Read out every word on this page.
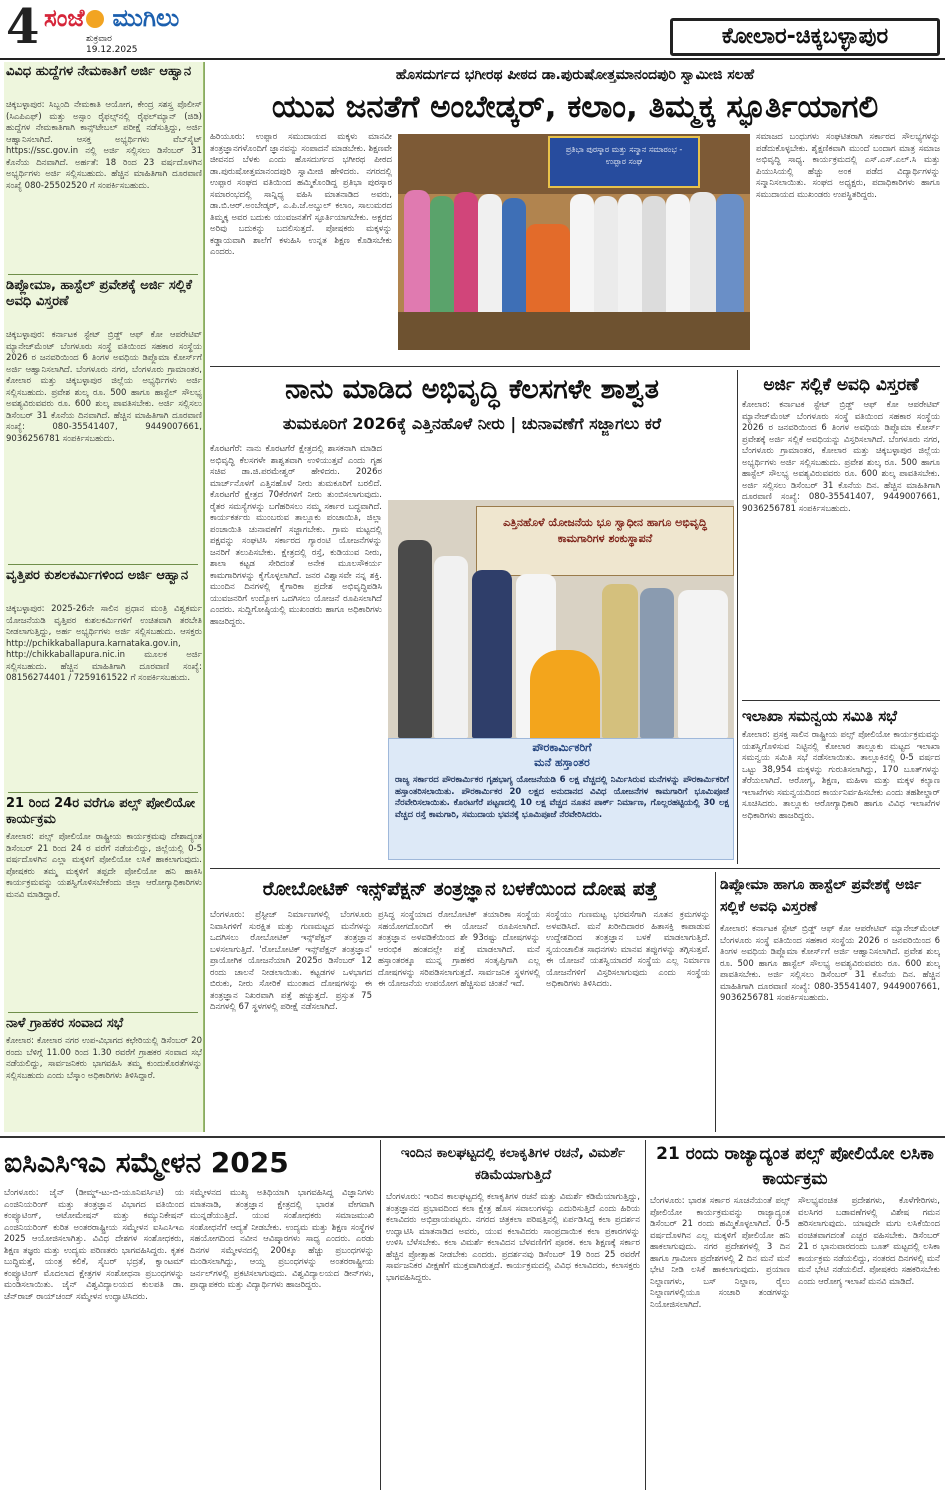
4 ಸಂಜೆ ಮುಗಿಲು
ಶುಕ್ರವಾರ
19.12.2025
ಕೋಲಾರ-ಚಿಕ್ಕಬಳ್ಳಾಪುರ
ವಿವಿಧ ಹುದ್ದೆಗಳ ನೇಮಕಾತಿಗೆ ಅರ್ಜಿ ಆಹ್ವಾನ
ಚಿಕ್ಕಬಳ್ಳಾಪುರ: ಸಿಬ್ಬಂದಿ ನೇಮಕಾತಿ ಆಯೋಗ, ಕೇಂದ್ರ ಸಶಸ್ತ್ರ ಪೊಲೀಸ್ (ಸಿಎಪಿಎಫ್) ಮತ್ತು ಅಸ್ಸಾಂ ರೈಫಲ್ಸ್‌ನಲ್ಲಿ ರೈಫಲ್‌ಮ್ಯಾನ್ (ಜಿಡಿ) ಹುದ್ದೆಗಳ ನೇಮಕಾತಿಗಾಗಿ ಕಾನ್ಸ್‌ಟೇಬಲ್ ಪರೀಕ್ಷೆ ನಡೆಸುತ್ತಿದ್ದು, ಅರ್ಜಿ ಆಹ್ವಾನಿಸಲಾಗಿದೆ. ಆಸಕ್ತ ಅಭ್ಯರ್ಥಿಗಳು ವೆಬ್‌ಸೈಟ್ https://ssc.gov.in ನಲ್ಲಿ ಅರ್ಜಿ ಸಲ್ಲಿಸಲು ಡಿಸೆಂಬರ್ 31 ಕೊನೆಯ ದಿನವಾಗಿದೆ. ಅರ್ಹತೆ: 18 ರಿಂದ 23 ವರ್ಷದೊಳಗಿನ ಅಭ್ಯರ್ಥಿಗಳು ಅರ್ಜಿ ಸಲ್ಲಿಸಬಹುದು. ಹೆಚ್ಚಿನ ಮಾಹಿತಿಗಾಗಿ ದೂರವಾಣಿ ಸಂಖ್ಯೆ 080-25502520 ಗೆ ಸಂಪರ್ಕಿಸಬಹುದು.
ಡಿಪ್ಲೋಮಾ, ಹಾಸ್ಟೆಲ್ ಪ್ರವೇಶಕ್ಕೆ ಅರ್ಜಿ ಸಲ್ಲಿಕೆ ಅವಧಿ ವಿಸ್ತರಣೆ
ಚಿಕ್ಕಬಳ್ಳಾಪುರ: ಕರ್ನಾಟಕ ಸ್ಟೇಟ್ ಬ್ರಿಡ್ಜ್ ಆಫ್ ಕೋ ಆಪರೇಟಿವ್ ಮ್ಯಾನೇಜ್‌ಮೆಂಟ್ ಬೆಂಗಳೂರು ಸಂಸ್ಥೆ ವತಿಯಿಂದ ಸಹಕಾರ ಸಂಸ್ಥೆಯ 2026 ರ ಜನವರಿಯಿಂದ 6 ತಿಂಗಳ ಅವಧಿಯ ಡಿಪ್ಲೊಮಾ ಕೋರ್ಸ್‌ಗೆ ಅರ್ಜಿ ಆಹ್ವಾನಿಸಲಾಗಿದೆ. ಬೆಂಗಳೂರು ನಗರ, ಬೆಂಗಳೂರು ಗ್ರಾಮಾಂತರ, ಕೋಲಾರ ಮತ್ತು ಚಿಕ್ಕಬಳ್ಳಾಪುರ ಜಿಲ್ಲೆಯ ಅಭ್ಯರ್ಥಿಗಳು ಅರ್ಜಿ ಸಲ್ಲಿಸಬಹುದು. ಪ್ರವೇಶ ಶುಲ್ಕ ರೂ. 500 ಹಾಗೂ ಹಾಸ್ಟೆಲ್ ಸೌಲಭ್ಯ ಅವಶ್ಯವಿರುವವರು ರೂ. 600 ಶುಲ್ಕ ಪಾವತಿಸಬೇಕು. ಅರ್ಜಿ ಸಲ್ಲಿಸಲು ಡಿಸೆಂಬರ್ 31 ಕೊನೆಯ ದಿನವಾಗಿದೆ. ಹೆಚ್ಚಿನ ಮಾಹಿತಿಗಾಗಿ ದೂರವಾಣಿ ಸಂಖ್ಯೆ: 080-35541407, 9449007661, 9036256781 ಸಂಪರ್ಕಿಸಬಹುದು.
ವೃತ್ತಿಪರ ಕುಶಲಕರ್ಮಿಗಳಿಂದ ಅರ್ಜಿ ಆಹ್ವಾನ
ಚಿಕ್ಕಬಳ್ಳಾಪುರ: 2025-26ನೇ ಸಾಲಿನ ಪ್ರಧಾನ ಮಂತ್ರಿ ವಿಶ್ವಕರ್ಮ ಯೋಜನೆಯಡಿ ವೃತ್ತಿಪರ ಕುಶಲಕರ್ಮಿಗಳಿಗೆ ಉಚಿತವಾಗಿ ತರಬೇತಿ ನೀಡಲಾಗುತ್ತಿದ್ದು, ಅರ್ಹ ಅಭ್ಯರ್ಥಿಗಳು ಅರ್ಜಿ ಸಲ್ಲಿಸಬಹುದು. ಆಸಕ್ತರು http://pchikkaballapura.karnataka.gov.in, http://chikkaballapura.nic.in ಮೂಲಕ ಅರ್ಜಿ ಸಲ್ಲಿಸಬಹುದು. ಹೆಚ್ಚಿನ ಮಾಹಿತಿಗಾಗಿ ದೂರವಾಣಿ ಸಂಖ್ಯೆ: 08156274401 / 7259161522 ಗೆ ಸಂಪರ್ಕಿಸಬಹುದು.
21 ರಿಂದ 24ರ ವರೆಗೂ ಪಲ್ಸ್ ಪೋಲಿಯೋ ಕಾರ್ಯಕ್ರಮ
ಕೋಲಾರ: ಪಲ್ಸ್ ಪೋಲಿಯೋ ರಾಷ್ಟ್ರೀಯ ಕಾರ್ಯಕ್ರಮವು ದೇಶಾದ್ಯಂತ ಡಿಸೆಂಬರ್ 21 ರಿಂದ 24 ರ ವರೆಗೆ ನಡೆಯಲಿದ್ದು, ಜಿಲ್ಲೆಯಲ್ಲಿ 0-5 ವರ್ಷದೊಳಗಿನ ಎಲ್ಲಾ ಮಕ್ಕಳಿಗೆ ಪೋಲಿಯೋ ಲಸಿಕೆ ಹಾಕಲಾಗುವುದು. ಪೋಷಕರು ತಮ್ಮ ಮಕ್ಕಳಿಗೆ ತಪ್ಪದೇ ಪೋಲಿಯೋ ಹನಿ ಹಾಕಿಸಿ ಕಾರ್ಯಕ್ರಮವನ್ನು ಯಶಸ್ವಿಗೊಳಿಸಬೇಕೆಂದು ಜಿಲ್ಲಾ ಆರೋಗ್ಯಾಧಿಕಾರಿಗಳು ಮನವಿ ಮಾಡಿದ್ದಾರೆ.
ನಾಳೆ ಗ್ರಾಹಕರ ಸಂವಾದ ಸಭೆ
ಕೋಲಾರ: ಕೋಲಾರ ನಗರ ಉಪ-ವಿಭಾಗದ ಕಛೇರಿಯಲ್ಲಿ ಡಿಸೆಂಬರ್ 20 ರಂದು ಬೆಳಿಗ್ಗೆ 11.00 ರಿಂದ 1.30 ರವರೆಗೆ ಗ್ರಾಹಕರ ಸಂವಾದ ಸಭೆ ನಡೆಯಲಿದ್ದು, ಸಾರ್ವಜನಿಕರು ಭಾಗವಹಿಸಿ ತಮ್ಮ ಕುಂದುಕೊರತೆಗಳನ್ನು ಸಲ್ಲಿಸಬಹುದು ಎಂದು ಬೆಸ್ಕಾಂ ಅಧಿಕಾರಿಗಳು ತಿಳಿಸಿದ್ದಾರೆ.
ಹೊಸದುರ್ಗದ ಭಗೀರಥ ಪೀಠದ ಡಾ.ಪುರುಷೋತ್ತಮಾನಂದಪುರಿ ಸ್ವಾಮೀಜಿ ಸಲಹೆ
ಯುವ ಜನತೆಗೆ ಅಂಬೇಡ್ಕರ್, ಕಲಾಂ, ತಿಮ್ಮಕ್ಕ ಸ್ಫೂರ್ತಿಯಾಗಲಿ
ಹಿರಿಯೂರು: ಉಪ್ಪಾರ ಸಮುದಾಯದ ಮಕ್ಕಳು ಮಾನವೀ ತಂತ್ರಜ್ಞಾನಗಳೊಂದಿಗೆ ಜ್ಞಾನವನ್ನು ಸಂಪಾದನೆ ಮಾಡಬೇಕು. ಶಿಕ್ಷಣವೇ ಜೀವನದ ಬೆಳಕು ಎಂದು ಹೊಸದುರ್ಗದ ಭಗೀರಥ ಪೀಠದ ಡಾ.ಪುರುಷೋತ್ತಮಾನಂದಪುರಿ ಸ್ವಾಮೀಜಿ ಹೇಳಿದರು. ನಗರದಲ್ಲಿ ಉಪ್ಪಾರ ಸಂಘದ ವತಿಯಿಂದ ಹಮ್ಮಿಕೊಂಡಿದ್ದ ಪ್ರತಿಭಾ ಪುರಸ್ಕಾರ ಸಮಾರಂಭದಲ್ಲಿ ಸಾನ್ನಿಧ್ಯ ವಹಿಸಿ ಮಾತನಾಡಿದ ಅವರು, ಡಾ.ಬಿ.ಆರ್.ಅಂಬೇಡ್ಕರ್, ಎ.ಪಿ.ಜೆ.ಅಬ್ದುಲ್ ಕಲಾಂ, ಸಾಲುಮರದ ತಿಮ್ಮಕ್ಕ ಅವರ ಬದುಕು ಯುವಜನತೆಗೆ ಸ್ಫೂರ್ತಿಯಾಗಬೇಕು. ಅಕ್ಷರದ ಅರಿವು ಬದುಕನ್ನು ಬದಲಿಸುತ್ತದೆ. ಪೋಷಕರು ಮಕ್ಕಳನ್ನು ಕಡ್ಡಾಯವಾಗಿ ಶಾಲೆಗೆ ಕಳುಹಿಸಿ ಉನ್ನತ ಶಿಕ್ಷಣ ಕೊಡಿಸಬೇಕು ಎಂದರು.
ಪ್ರತಿಭಾ ಪುರಸ್ಕಾರ ಮತ್ತು ಸನ್ಮಾನ ಸಮಾರಂಭ - ಉಪ್ಪಾರ ಸಂಘ
ಸಮಾಜದ ಬಂಧುಗಳು ಸಂಘಟಿತರಾಗಿ ಸರ್ಕಾರದ ಸೌಲಭ್ಯಗಳನ್ನು ಪಡೆದುಕೊಳ್ಳಬೇಕು. ಶೈಕ್ಷಣಿಕವಾಗಿ ಮುಂದೆ ಬಂದಾಗ ಮಾತ್ರ ಸಮಾಜ ಅಭಿವೃದ್ಧಿ ಸಾಧ್ಯ. ಕಾರ್ಯಕ್ರಮದಲ್ಲಿ ಎಸ್.ಎಸ್.ಎಲ್.ಸಿ ಮತ್ತು ಪಿಯುಸಿಯಲ್ಲಿ ಹೆಚ್ಚು ಅಂಕ ಪಡೆದ ವಿದ್ಯಾರ್ಥಿಗಳನ್ನು ಸನ್ಮಾನಿಸಲಾಯಿತು. ಸಂಘದ ಅಧ್ಯಕ್ಷರು, ಪದಾಧಿಕಾರಿಗಳು ಹಾಗೂ ಸಮುದಾಯದ ಮುಖಂಡರು ಉಪಸ್ಥಿತರಿದ್ದರು.
ನಾನು ಮಾಡಿದ ಅಭಿವೃದ್ಧಿ ಕೆಲಸಗಳೇ ಶಾಶ್ವತ
ತುಮಕೂರಿಗೆ 2026ಕ್ಕೆ ಎತ್ತಿನಹೊಳೆ ನೀರು | ಚುನಾವಣೆಗೆ ಸಜ್ಜಾಗಲು ಕರೆ
ಕೊರಟಗೆರೆ: ನಾನು ಕೊರಟಗೆರೆ ಕ್ಷೇತ್ರದಲ್ಲಿ ಶಾಸಕನಾಗಿ ಮಾಡಿದ ಅಭಿವೃದ್ಧಿ ಕೆಲಸಗಳೇ ಶಾಶ್ವತವಾಗಿ ಉಳಿಯುತ್ತವೆ ಎಂದು ಗೃಹ ಸಚಿವ ಡಾ.ಜಿ.ಪರಮೇಶ್ವರ್ ಹೇಳಿದರು. 2026ರ ಮಾರ್ಚ್‌ನೊಳಗೆ ಎತ್ತಿನಹೊಳೆ ನೀರು ತುಮಕೂರಿಗೆ ಬರಲಿದೆ. ಕೊರಟಗೆರೆ ಕ್ಷೇತ್ರದ 70ಕೆರೆಗಳಿಗೆ ನೀರು ತುಂಬಿಸಲಾಗುವುದು. ರೈತರ ಸಮಸ್ಯೆಗಳನ್ನು ಬಗೆಹರಿಸಲು ನಮ್ಮ ಸರ್ಕಾರ ಬದ್ಧವಾಗಿದೆ. ಕಾರ್ಯಕರ್ತರು ಮುಂಬರುವ ತಾಲ್ಲೂಕು ಪಂಚಾಯಿತಿ, ಜಿಲ್ಲಾ ಪಂಚಾಯಿತಿ ಚುನಾವಣೆಗೆ ಸಜ್ಜಾಗಬೇಕು. ಗ್ರಾಮ ಮಟ್ಟದಲ್ಲಿ ಪಕ್ಷವನ್ನು ಸಂಘಟಿಸಿ ಸರ್ಕಾರದ ಗ್ಯಾರಂಟಿ ಯೋಜನೆಗಳನ್ನು ಜನರಿಗೆ ತಲುಪಿಸಬೇಕು. ಕ್ಷೇತ್ರದಲ್ಲಿ ರಸ್ತೆ, ಕುಡಿಯುವ ನೀರು, ಶಾಲಾ ಕಟ್ಟಡ ಸೇರಿದಂತೆ ಅನೇಕ ಮೂಲಸೌಕರ್ಯ ಕಾಮಗಾರಿಗಳನ್ನು ಕೈಗೊಳ್ಳಲಾಗಿದೆ. ಜನರ ವಿಶ್ವಾಸವೇ ನನ್ನ ಶಕ್ತಿ. ಮುಂದಿನ ದಿನಗಳಲ್ಲಿ ಕೈಗಾರಿಕಾ ಪ್ರದೇಶ ಅಭಿವೃದ್ಧಿಪಡಿಸಿ ಯುವಜನರಿಗೆ ಉದ್ಯೋಗ ಒದಗಿಸಲು ಯೋಜನೆ ರೂಪಿಸಲಾಗಿದೆ ಎಂದರು. ಸುದ್ದಿಗೋಷ್ಠಿಯಲ್ಲಿ ಮುಖಂಡರು ಹಾಗೂ ಅಧಿಕಾರಿಗಳು ಹಾಜರಿದ್ದರು.
ಎತ್ತಿನಹೊಳೆ ಯೋಜನೆಯ ಭೂ ಸ್ವಾಧೀನ ಹಾಗೂ ಅಭಿವೃದ್ಧಿ ಕಾಮಗಾರಿಗಳ ಶಂಕುಸ್ಥಾಪನೆ
ಪೌರಕಾರ್ಮಿಕರಿಗೆ
ಮನೆ ಹಸ್ತಾಂತರ
ರಾಜ್ಯ ಸರ್ಕಾರದ ಪೌರಕಾರ್ಮಿಕರ ಗೃಹಭಾಗ್ಯ ಯೋಜನೆಯಡಿ 6 ಲಕ್ಷ ವೆಚ್ಚದಲ್ಲಿ ನಿರ್ಮಿಸಿರುವ ಮನೆಗಳನ್ನು ಪೌರಕಾರ್ಮಿಕರಿಗೆ ಹಸ್ತಾಂತರಿಸಲಾಯಿತು. ಪೌರಕಾರ್ಮಿಕರ 20 ಲಕ್ಷದ ಅನುದಾನದ ವಿವಿಧ ಯೋಜನೆಗಳ ಕಾಮಗಾರಿಗೆ ಭೂಮಿಪೂಜೆ ನೆರವೇರಿಸಲಾಯಿತು. ಕೊರಟಗೆರೆ ಪಟ್ಟಣದಲ್ಲಿ 10 ಲಕ್ಷ ವೆಚ್ಚದ ನೂತನ ಪಾರ್ಕ್ ನಿರ್ಮಾಣ, ಗೊಲ್ಲರಹಟ್ಟಿಯಲ್ಲಿ 30 ಲಕ್ಷ ವೆಚ್ಚದ ರಸ್ತೆ ಕಾಮಗಾರಿ, ಸಮುದಾಯ ಭವನಕ್ಕೆ ಭೂಮಿಪೂಜೆ ನೆರವೇರಿಸಿದರು.
ಅರ್ಜಿ ಸಲ್ಲಿಕೆ ಅವಧಿ ವಿಸ್ತರಣೆ
ಕೋಲಾರ: ಕರ್ನಾಟಕ ಸ್ಟೇಟ್ ಬ್ರಿಡ್ಜ್ ಆಫ್ ಕೋ ಆಪರೇಟಿವ್ ಮ್ಯಾನೇಜ್‌ಮೆಂಟ್ ಬೆಂಗಳೂರು ಸಂಸ್ಥೆ ವತಿಯಿಂದ ಸಹಕಾರ ಸಂಸ್ಥೆಯ 2026 ರ ಜನವರಿಯಿಂದ 6 ತಿಂಗಳ ಅವಧಿಯ ಡಿಪ್ಲೊಮಾ ಕೋರ್ಸ್ ಪ್ರವೇಶಕ್ಕೆ ಅರ್ಜಿ ಸಲ್ಲಿಕೆ ಅವಧಿಯನ್ನು ವಿಸ್ತರಿಸಲಾಗಿದೆ. ಬೆಂಗಳೂರು ನಗರ, ಬೆಂಗಳೂರು ಗ್ರಾಮಾಂತರ, ಕೋಲಾರ ಮತ್ತು ಚಿಕ್ಕಬಳ್ಳಾಪುರ ಜಿಲ್ಲೆಯ ಅಭ್ಯರ್ಥಿಗಳು ಅರ್ಜಿ ಸಲ್ಲಿಸಬಹುದು. ಪ್ರವೇಶ ಶುಲ್ಕ ರೂ. 500 ಹಾಗೂ ಹಾಸ್ಟೆಲ್ ಸೌಲಭ್ಯ ಅವಶ್ಯವಿರುವವರು ರೂ. 600 ಶುಲ್ಕ ಪಾವತಿಸಬೇಕು. ಅರ್ಜಿ ಸಲ್ಲಿಸಲು ಡಿಸೆಂಬರ್ 31 ಕೊನೆಯ ದಿನ. ಹೆಚ್ಚಿನ ಮಾಹಿತಿಗಾಗಿ ದೂರವಾಣಿ ಸಂಖ್ಯೆ: 080-35541407, 9449007661, 9036256781 ಸಂಪರ್ಕಿಸಬಹುದು.
ಇಲಾಖಾ ಸಮನ್ವಯ ಸಮಿತಿ ಸಭೆ
ಕೋಲಾರ: ಪ್ರಸಕ್ತ ಸಾಲಿನ ರಾಷ್ಟ್ರೀಯ ಪಲ್ಸ್ ಪೋಲಿಯೋ ಕಾರ್ಯಕ್ರಮವನ್ನು ಯಶಸ್ವಿಗೊಳಿಸುವ ನಿಟ್ಟಿನಲ್ಲಿ ಕೋಲಾರ ತಾಲ್ಲೂಕು ಮಟ್ಟದ ಇಲಾಖಾ ಸಮನ್ವಯ ಸಮಿತಿ ಸಭೆ ನಡೆಸಲಾಯಿತು. ತಾಲ್ಲೂಕಿನಲ್ಲಿ 0-5 ವರ್ಷದ ಒಟ್ಟು 38,954 ಮಕ್ಕಳನ್ನು ಗುರುತಿಸಲಾಗಿದ್ದು, 170 ಬೂತ್‌ಗಳನ್ನು ತೆರೆಯಲಾಗಿದೆ. ಆರೋಗ್ಯ, ಶಿಕ್ಷಣ, ಮಹಿಳಾ ಮತ್ತು ಮಕ್ಕಳ ಕಲ್ಯಾಣ ಇಲಾಖೆಗಳು ಸಮನ್ವಯದಿಂದ ಕಾರ್ಯನಿರ್ವಹಿಸಬೇಕು ಎಂದು ತಹಶೀಲ್ದಾರ್ ಸೂಚಿಸಿದರು. ತಾಲ್ಲೂಕು ಆರೋಗ್ಯಾಧಿಕಾರಿ ಹಾಗೂ ವಿವಿಧ ಇಲಾಖೆಗಳ ಅಧಿಕಾರಿಗಳು ಹಾಜರಿದ್ದರು.
ರೋಬೋಟಿಕ್ ಇನ್ಸ್‌ಪೆಕ್ಷನ್ ತಂತ್ರಜ್ಞಾನ ಬಳಕೆಯಿಂದ ದೋಷ ಪತ್ತೆ
ಬೆಂಗಳೂರು: ಪ್ರೆಸ್ಟೀಜ್ ನಿರ್ಮಾಣಗಳಲ್ಲಿ ಬೆಂಗಳೂರು ನಿವಾಸಿಗಳಿಗೆ ಸುರಕ್ಷಿತ ಮತ್ತು ಗುಣಮಟ್ಟದ ಮನೆಗಳನ್ನು ಒದಗಿಸಲು ರೋಬೋಟಿಕ್ ಇನ್ಸ್‌ಪೆಕ್ಷನ್ ತಂತ್ರಜ್ಞಾನ ಬಳಸಲಾಗುತ್ತಿದೆ. 'ರೋಬೋಟಿಕ್ ಇನ್ಸ್‌ಪೆಕ್ಷನ್ ತಂತ್ರಜ್ಞಾನ' ಪ್ರಾಯೋಗಿಕ ಯೋಜನೆಯಾಗಿ 2025ರ ಡಿಸೆಂಬರ್ 12 ರಂದು ಚಾಲನೆ ನೀಡಲಾಯಿತು. ಕಟ್ಟಡಗಳ ಒಳಭಾಗದ ಬಿರುಕು, ನೀರು ಸೋರಿಕೆ ಮುಂತಾದ ದೋಷಗಳನ್ನು ಈ ತಂತ್ರಜ್ಞಾನ ನಿಖರವಾಗಿ ಪತ್ತೆ ಹಚ್ಚುತ್ತದೆ. ಪ್ರಸ್ತುತ 75 ದಿನಗಳಲ್ಲಿ 67 ಸ್ಥಳಗಳಲ್ಲಿ ಪರೀಕ್ಷೆ ನಡೆಸಲಾಗಿದೆ.
ಪ್ರಸಿದ್ಧ ಸಂಸ್ಥೆಯಾದ ರೋಬೋಟಿಕ್ ತಯಾರಿಕಾ ಸಂಸ್ಥೆಯ ಸಹಯೋಗದೊಂದಿಗೆ ಈ ಯೋಜನೆ ರೂಪಿಸಲಾಗಿದೆ. ತಂತ್ರಜ್ಞಾನ ಅಳವಡಿಕೆಯಿಂದ ಶೇ 93ರಷ್ಟು ದೋಷಗಳನ್ನು ಆರಂಭಿಕ ಹಂತದಲ್ಲೇ ಪತ್ತೆ ಮಾಡಲಾಗಿದೆ. ಮನೆ ಹಸ್ತಾಂತರಕ್ಕೂ ಮುನ್ನ ಗ್ರಾಹಕರ ಸಂತೃಪ್ತಿಗಾಗಿ ಎಲ್ಲ ದೋಷಗಳನ್ನು ಸರಿಪಡಿಸಲಾಗುತ್ತದೆ. ಸಾರ್ವಜನಿಕ ಸ್ಥಳಗಳಲ್ಲಿ ಈ ಯೋಜನೆಯ ಉಪಯೋಗ ಹೆಚ್ಚಿಸುವ ಚಿಂತನೆ ಇದೆ.
ಸಂಸ್ಥೆಯು ಗುಣಮಟ್ಟ ಭರವಸೆಗಾಗಿ ನೂತನ ಕ್ರಮಗಳನ್ನು ಅಳವಡಿಸಿದೆ. ಮನೆ ಖರೀದಿದಾರರ ಹಿತಾಸಕ್ತಿ ಕಾಪಾಡುವ ಉದ್ದೇಶದಿಂದ ತಂತ್ರಜ್ಞಾನ ಬಳಕೆ ಮಾಡಲಾಗುತ್ತಿದೆ. ಸ್ವಯಂಚಾಲಿತ ಸಾಧನಗಳು ಮಾನವ ತಪ್ಪುಗಳನ್ನು ತಗ್ಗಿಸುತ್ತವೆ. ಈ ಯೋಜನೆ ಯಶಸ್ವಿಯಾದರೆ ಸಂಸ್ಥೆಯ ಎಲ್ಲ ನಿರ್ಮಾಣ ಯೋಜನೆಗಳಿಗೆ ವಿಸ್ತರಿಸಲಾಗುವುದು ಎಂದು ಸಂಸ್ಥೆಯ ಅಧಿಕಾರಿಗಳು ತಿಳಿಸಿದರು.
ಡಿಪ್ಲೋಮಾ ಹಾಗೂ ಹಾಸ್ಟೆಲ್ ಪ್ರವೇಶಕ್ಕೆ ಅರ್ಜಿ ಸಲ್ಲಿಕೆ ಅವಧಿ ವಿಸ್ತರಣೆ
ಕೋಲಾರ: ಕರ್ನಾಟಕ ಸ್ಟೇಟ್ ಬ್ರಿಡ್ಜ್ ಆಫ್ ಕೋ ಆಪರೇಟಿವ್ ಮ್ಯಾನೇಜ್‌ಮೆಂಟ್ ಬೆಂಗಳೂರು ಸಂಸ್ಥೆ ವತಿಯಿಂದ ಸಹಕಾರ ಸಂಸ್ಥೆಯ 2026 ರ ಜನವರಿಯಿಂದ 6 ತಿಂಗಳ ಅವಧಿಯ ಡಿಪ್ಲೊಮಾ ಕೋರ್ಸ್‌ಗೆ ಅರ್ಜಿ ಆಹ್ವಾನಿಸಲಾಗಿದೆ. ಪ್ರವೇಶ ಶುಲ್ಕ ರೂ. 500 ಹಾಗೂ ಹಾಸ್ಟೆಲ್ ಸೌಲಭ್ಯ ಅವಶ್ಯವಿರುವವರು ರೂ. 600 ಶುಲ್ಕ ಪಾವತಿಸಬೇಕು. ಅರ್ಜಿ ಸಲ್ಲಿಸಲು ಡಿಸೆಂಬರ್ 31 ಕೊನೆಯ ದಿನ. ಹೆಚ್ಚಿನ ಮಾಹಿತಿಗಾಗಿ ದೂರವಾಣಿ ಸಂಖ್ಯೆ: 080-35541407, 9449007661, 9036256781 ಸಂಪರ್ಕಿಸಬಹುದು.
ಐಸಿಎಸಿಇಎ ಸಮ್ಮೇಳನ 2025
ಬೆಂಗಳೂರು: ಜೈನ್ (ಡೀಮ್ಡ್-ಟು-ಬಿ-ಯೂನಿವರ್ಸಿಟಿ) ಯ ಎಂಜಿನಿಯರಿಂಗ್ ಮತ್ತು ತಂತ್ರಜ್ಞಾನ ವಿಭಾಗದ ವತಿಯಿಂದ ಕಂಪ್ಯೂಟಿಂಗ್, ಆಟೋಮೇಷನ್ ಮತ್ತು ಕಮ್ಯುನಿಕೇಷನ್ ಎಂಜಿನಿಯರಿಂಗ್ ಕುರಿತ ಅಂತರರಾಷ್ಟ್ರೀಯ ಸಮ್ಮೇಳನ ಐಸಿಎಸಿಇಎ 2025 ಆಯೋಜಿಸಲಾಗಿತ್ತು. ವಿವಿಧ ದೇಶಗಳ ಸಂಶೋಧಕರು, ಶಿಕ್ಷಣ ತಜ್ಞರು ಮತ್ತು ಉದ್ಯಮ ಪರಿಣತರು ಭಾಗವಹಿಸಿದ್ದರು. ಕೃತಕ ಬುದ್ಧಿಮತ್ತೆ, ಯಂತ್ರ ಕಲಿಕೆ, ಸೈಬರ್ ಭದ್ರತೆ, ಕ್ವಾಂಟಮ್ ಕಂಪ್ಯೂಟಿಂಗ್ ಮೊದಲಾದ ಕ್ಷೇತ್ರಗಳ ಸಂಶೋಧನಾ ಪ್ರಬಂಧಗಳನ್ನು ಮಂಡಿಸಲಾಯಿತು. ಜೈನ್ ವಿಶ್ವವಿದ್ಯಾಲಯದ ಕುಲಪತಿ ಡಾ. ಚೆನ್‌ರಾಜ್ ರಾಯ್‌ಚಂದ್ ಸಮ್ಮೇಳನ ಉದ್ಘಾಟಿಸಿದರು.
ಸಮ್ಮೇಳನದ ಮುಖ್ಯ ಅತಿಥಿಯಾಗಿ ಭಾಗವಹಿಸಿದ್ದ ವಿಜ್ಞಾನಿಗಳು ಮಾತನಾಡಿ, ತಂತ್ರಜ್ಞಾನ ಕ್ಷೇತ್ರದಲ್ಲಿ ಭಾರತ ವೇಗವಾಗಿ ಮುನ್ನಡೆಯುತ್ತಿದೆ. ಯುವ ಸಂಶೋಧಕರು ಸಮಾಜಮುಖಿ ಸಂಶೋಧನೆಗೆ ಆದ್ಯತೆ ನೀಡಬೇಕು. ಉದ್ಯಮ ಮತ್ತು ಶಿಕ್ಷಣ ಸಂಸ್ಥೆಗಳ ಸಹಯೋಗದಿಂದ ನವೀನ ಆವಿಷ್ಕಾರಗಳು ಸಾಧ್ಯ ಎಂದರು. ಎರಡು ದಿನಗಳ ಸಮ್ಮೇಳನದಲ್ಲಿ 200ಕ್ಕೂ ಹೆಚ್ಚು ಪ್ರಬಂಧಗಳನ್ನು ಮಂಡಿಸಲಾಗಿದ್ದು, ಆಯ್ದ ಪ್ರಬಂಧಗಳನ್ನು ಅಂತರರಾಷ್ಟ್ರೀಯ ಜರ್ನಲ್‌ಗಳಲ್ಲಿ ಪ್ರಕಟಿಸಲಾಗುವುದು. ವಿಶ್ವವಿದ್ಯಾಲಯದ ಡೀನ್‌ಗಳು, ಪ್ರಾಧ್ಯಾಪಕರು ಮತ್ತು ವಿದ್ಯಾರ್ಥಿಗಳು ಹಾಜರಿದ್ದರು.
ಇಂದಿನ ಕಾಲಘಟ್ಟದಲ್ಲಿ ಕಲಾಕೃತಿಗಳ ರಚನೆ, ವಿಮರ್ಶೆ ಕಡಿಮೆಯಾಗುತ್ತಿದೆ
ಬೆಂಗಳೂರು: ಇಂದಿನ ಕಾಲಘಟ್ಟದಲ್ಲಿ ಕಲಾಕೃತಿಗಳ ರಚನೆ ಮತ್ತು ವಿಮರ್ಶೆ ಕಡಿಮೆಯಾಗುತ್ತಿದ್ದು, ತಂತ್ರಜ್ಞಾನದ ಪ್ರಭಾವದಿಂದ ಕಲಾ ಕ್ಷೇತ್ರ ಹೊಸ ಸವಾಲುಗಳನ್ನು ಎದುರಿಸುತ್ತಿದೆ ಎಂದು ಹಿರಿಯ ಕಲಾವಿದರು ಅಭಿಪ್ರಾಯಪಟ್ಟರು. ನಗರದ ಚಿತ್ರಕಲಾ ಪರಿಷತ್ತಿನಲ್ಲಿ ಏರ್ಪಡಿಸಿದ್ದ ಕಲಾ ಪ್ರದರ್ಶನ ಉದ್ಘಾಟಿಸಿ ಮಾತನಾಡಿದ ಅವರು, ಯುವ ಕಲಾವಿದರು ಸಾಂಪ್ರದಾಯಿಕ ಕಲಾ ಪ್ರಕಾರಗಳನ್ನು ಉಳಿಸಿ ಬೆಳೆಸಬೇಕು. ಕಲಾ ವಿಮರ್ಶೆ ಕಲಾವಿದನ ಬೆಳವಣಿಗೆಗೆ ಪೂರಕ. ಕಲಾ ಶಿಕ್ಷಣಕ್ಕೆ ಸರ್ಕಾರ ಹೆಚ್ಚಿನ ಪ್ರೋತ್ಸಾಹ ನೀಡಬೇಕು ಎಂದರು. ಪ್ರದರ್ಶನವು ಡಿಸೆಂಬರ್ 19 ರಿಂದ 25 ರವರೆಗೆ ಸಾರ್ವಜನಿಕರ ವೀಕ್ಷಣೆಗೆ ಮುಕ್ತವಾಗಿರುತ್ತದೆ. ಕಾರ್ಯಕ್ರಮದಲ್ಲಿ ವಿವಿಧ ಕಲಾವಿದರು, ಕಲಾಸಕ್ತರು ಭಾಗವಹಿಸಿದ್ದರು.
21 ರಂದು ರಾಜ್ಯಾದ್ಯಂತ ಪಲ್ಸ್ ಪೋಲಿಯೋ ಲಸಿಕಾ ಕಾರ್ಯಕ್ರಮ
ಬೆಂಗಳೂರು: ಭಾರತ ಸರ್ಕಾರ ಸೂಚನೆಯಂತೆ ಪಲ್ಸ್ ಪೋಲಿಯೋ ಕಾರ್ಯಕ್ರಮವನ್ನು ರಾಜ್ಯಾದ್ಯಂತ ಡಿಸೆಂಬರ್ 21 ರಂದು ಹಮ್ಮಿಕೊಳ್ಳಲಾಗಿದೆ. 0-5 ವರ್ಷದೊಳಗಿನ ಎಲ್ಲ ಮಕ್ಕಳಿಗೆ ಪೋಲಿಯೋ ಹನಿ ಹಾಕಲಾಗುವುದು. ನಗರ ಪ್ರದೇಶಗಳಲ್ಲಿ 3 ದಿನ ಹಾಗೂ ಗ್ರಾಮೀಣ ಪ್ರದೇಶಗಳಲ್ಲಿ 2 ದಿನ ಮನೆ ಮನೆ ಭೇಟಿ ನೀಡಿ ಲಸಿಕೆ ಹಾಕಲಾಗುವುದು. ಪ್ರಯಾಣ ನಿಲ್ದಾಣಗಳು, ಬಸ್ ನಿಲ್ದಾಣ, ರೈಲು ನಿಲ್ದಾಣಗಳಲ್ಲಿಯೂ ಸಂಚಾರಿ ತಂಡಗಳನ್ನು ನಿಯೋಜಿಸಲಾಗಿದೆ.
ಸೌಲಭ್ಯವಂಚಿತ ಪ್ರದೇಶಗಳು, ಕೊಳೆಗೇರಿಗಳು, ವಲಸಿಗರ ಬಡಾವಣೆಗಳಲ್ಲಿ ವಿಶೇಷ ಗಮನ ಹರಿಸಲಾಗುವುದು. ಯಾವುದೇ ಮಗು ಲಸಿಕೆಯಿಂದ ವಂಚಿತವಾಗದಂತೆ ಎಚ್ಚರ ವಹಿಸಬೇಕು. ಡಿಸೆಂಬರ್ 21 ರ ಭಾನುವಾರದಂದು ಬೂತ್ ಮಟ್ಟದಲ್ಲಿ ಲಸಿಕಾ ಕಾರ್ಯಕ್ರಮ ನಡೆಯಲಿದ್ದು, ನಂತರದ ದಿನಗಳಲ್ಲಿ ಮನೆ ಮನೆ ಭೇಟಿ ನಡೆಯಲಿದೆ. ಪೋಷಕರು ಸಹಕರಿಸಬೇಕು ಎಂದು ಆರೋಗ್ಯ ಇಲಾಖೆ ಮನವಿ ಮಾಡಿದೆ.
